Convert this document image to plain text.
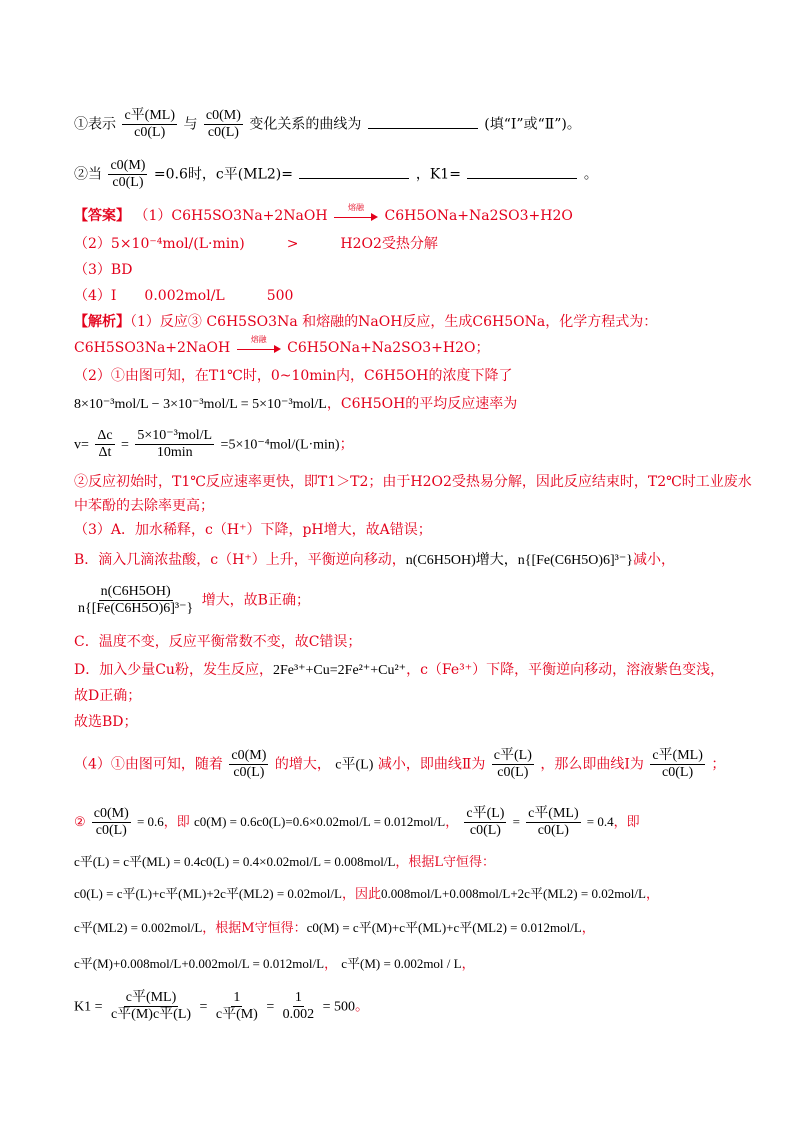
①表示 $\frac{\text{c平(ML)}}{c0(L)}$ 与 $\frac{c0(M)}{c0(L)}$ 变化关系的曲线为	(填“Ⅰ”或“Ⅱ”)。
②当 $\frac{c0(M)}{c0(L)} =0.6$时，c平(ML2)=	，K1=	。
【答案】 （1）C6H5SO3Na+2NaOH
熔融
C6H5ONa+Na2SO3+H2O
（2）5×10⁻⁴mol/(L·min)　　　>　　　H2O2受热分解
（3）BD
（4）Ⅰ　　0.002mol/L　　　500
【解析】（1）反应③ C6H5SO3Na 和熔融的NaOH反应，生成C6H5ONa，化学方程式为：
C6H5SO3Na+2NaOH
熔融
C6H5ONa+Na2SO3+H2O；
（2）①由图可知，在T1℃时，0~10min内，C6H5OH的浓度下降了
8×10⁻³mol/L − 3×10⁻³mol/L = 5×10⁻³mol/L，C6H5OH的平均反应速率为
$v= \frac{\Delta c}{\Delta t} = \frac{\text{5×10⁻³mol/L}}{10\min} =5\times 10^{-4}mol/(L\cdot\min)$；
②反应初始时，T1℃反应速率更快，即T1＞T2；由于H2O2受热易分解，因此反应结束时，T2℃时工业废水
中苯酚的去除率更高；
（3）A．加水稀释，c（H⁺）下降，pH增大，故A错误；
B．滴入几滴浓盐酸，c（H⁺）上升，平衡逆向移动，n(C6H5OH)增大，n{[Fe(C6H5O)6]³⁻}减小，
$\frac{n(C6H5OH)}{\text{n\{[Fe(C6H5O)6]³⁻\}}}$ 增大，故B正确；
C．温度不变，反应平衡常数不变，故C错误；
D．加入少量Cu粉，发生反应，2Fe³⁺+Cu=2Fe²⁺+Cu²⁺，c（Fe³⁺）下降，平衡逆向移动，溶液紫色变浅，
故D正确；
故选BD；
（4）①由图可知，随着 $\frac{c0(M)}{c0(L)}$ 的增大， c平(L) 减小，即曲线Ⅱ为 $\frac{\text{c平(L)}}{c0(L)}$ ，那么即曲线Ⅰ为 $\frac{\text{c平(ML)}}{c0(L)}$ ；
② $\frac{c0(M)}{c0(L)} = 0.6$，即 c0(M) = 0.6c0(L)=0.6×0.02mol/L = 0.012mol/L， $\frac{\text{c平(L)}}{c0(L)} = \frac{\text{c平(ML)}}{c0(L)} = 0.4$，即
c平(L) = c平(ML) = 0.4c0(L) = 0.4×0.02mol/L = 0.008mol/L，根据L守恒得：
c0(L) = c平(L)+c平(ML)+2c平(ML2) = 0.02mol/L，因此0.008mol/L+0.008mol/L+2c平(ML2) = 0.02mol/L，
c平(ML2) = 0.002mol/L，根据M守恒得：c0(M) = c平(M)+c平(ML)+c平(ML2) = 0.012mol/L，
c平(M)+0.008mol/L+0.002mol/L = 0.012mol/L， c平(M) = 0.002mol / L，
$K1 = \frac{\text{c平(ML)}}{\text{c平(M)c平(L)}} = \frac{1}{\text{c平(M)}} = \frac{1}{0.002} = 500$。
